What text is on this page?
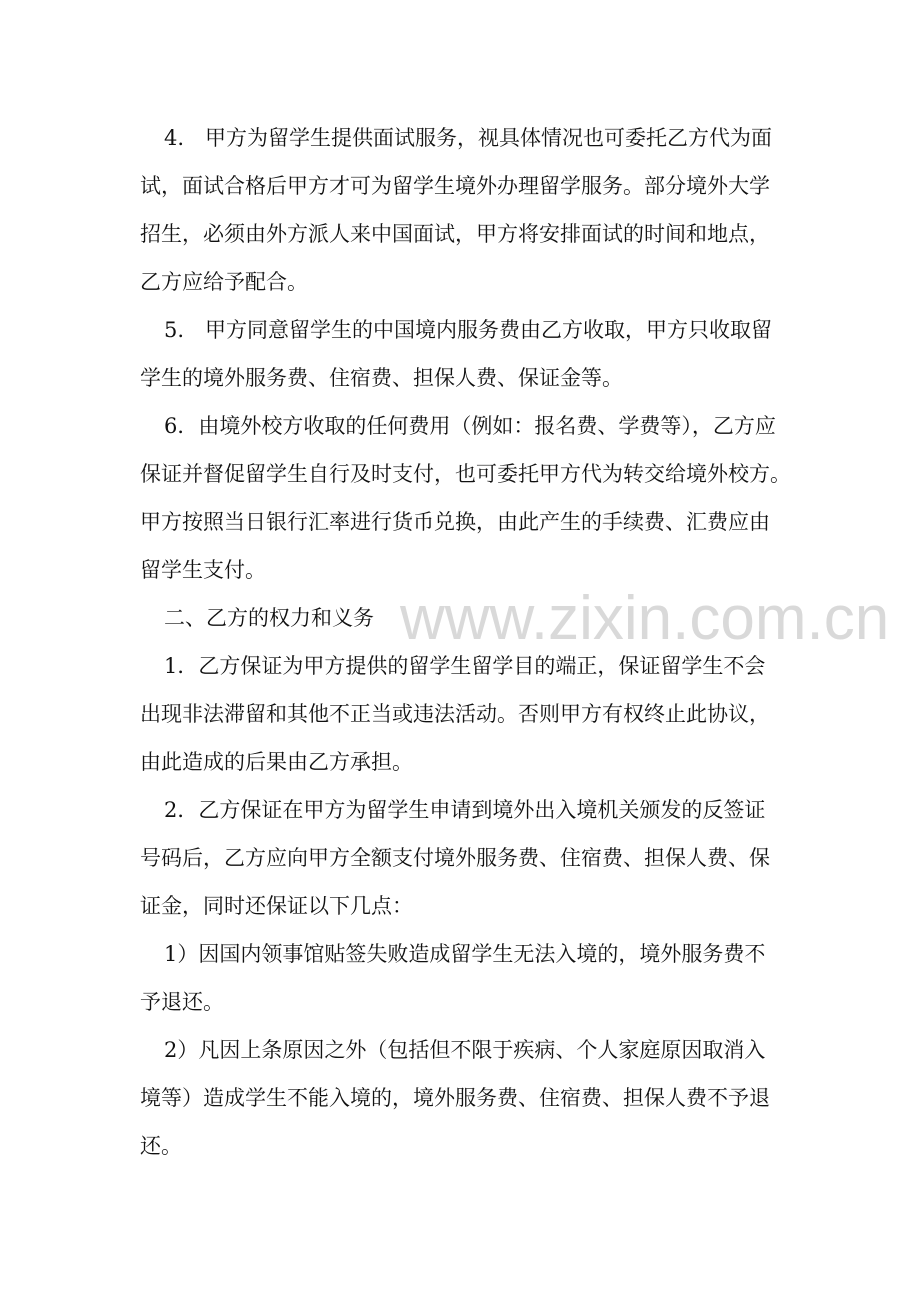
www.zixin.com.cn
4.　甲方为留学生提供面试服务，视具体情况也可委托乙方代为面
试，面试合格后甲方才可为留学生境外办理留学服务。部分境外大学
招生，必须由外方派人来中国面试，甲方将安排面试的时间和地点，
乙方应给予配合。
5.　甲方同意留学生的中国境内服务费由乙方收取，甲方只收取留
学生的境外服务费、住宿费、担保人费、保证金等。
6．由境外校方收取的任何费用（例如：报名费、学费等），乙方应
保证并督促留学生自行及时支付，也可委托甲方代为转交给境外校方。
甲方按照当日银行汇率进行货币兑换，由此产生的手续费、汇费应由
留学生支付。
二、乙方的权力和义务
1．乙方保证为甲方提供的留学生留学目的端正，保证留学生不会
出现非法滞留和其他不正当或违法活动。否则甲方有权终止此协议，
由此造成的后果由乙方承担。
2．乙方保证在甲方为留学生申请到境外出入境机关颁发的反签证
号码后，乙方应向甲方全额支付境外服务费、住宿费、担保人费、保
证金，同时还保证以下几点：
1）因国内领事馆贴签失败造成留学生无法入境的，境外服务费不
予退还。
2）凡因上条原因之外（包括但不限于疾病、个人家庭原因取消入
境等）造成学生不能入境的，境外服务费、住宿费、担保人费不予退
还。
